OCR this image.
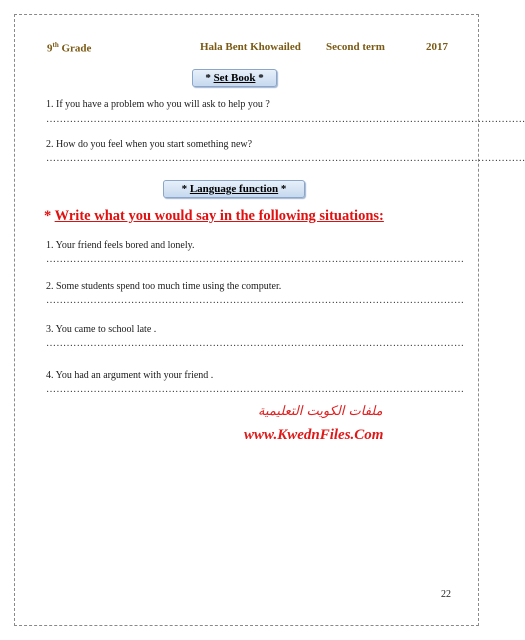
9th Grade	Hala Bent Khowailed Second term	2017
* Set Book *
1. If you have a problem who you will ask to help you ?
……………………………………………………………………………………………………………………………
2. How do you feel when you start something new?
……………………………………………………………………………………………………………………………
* Language function *
* Write what you would say in the following situations:
1. Your friend feels bored and lonely.
……………………………………………………………………………………………………………
2. Some students spend too much time using the computer.
……………………………………………………………………………………………………………
3. You came to school late .
……………………………………………………………………………………………………………
4. You had an argument with your friend .
……………………………………………………………………………………………………………
ملفات الكويت التعليمية
www.KwednFiles.Com
22
